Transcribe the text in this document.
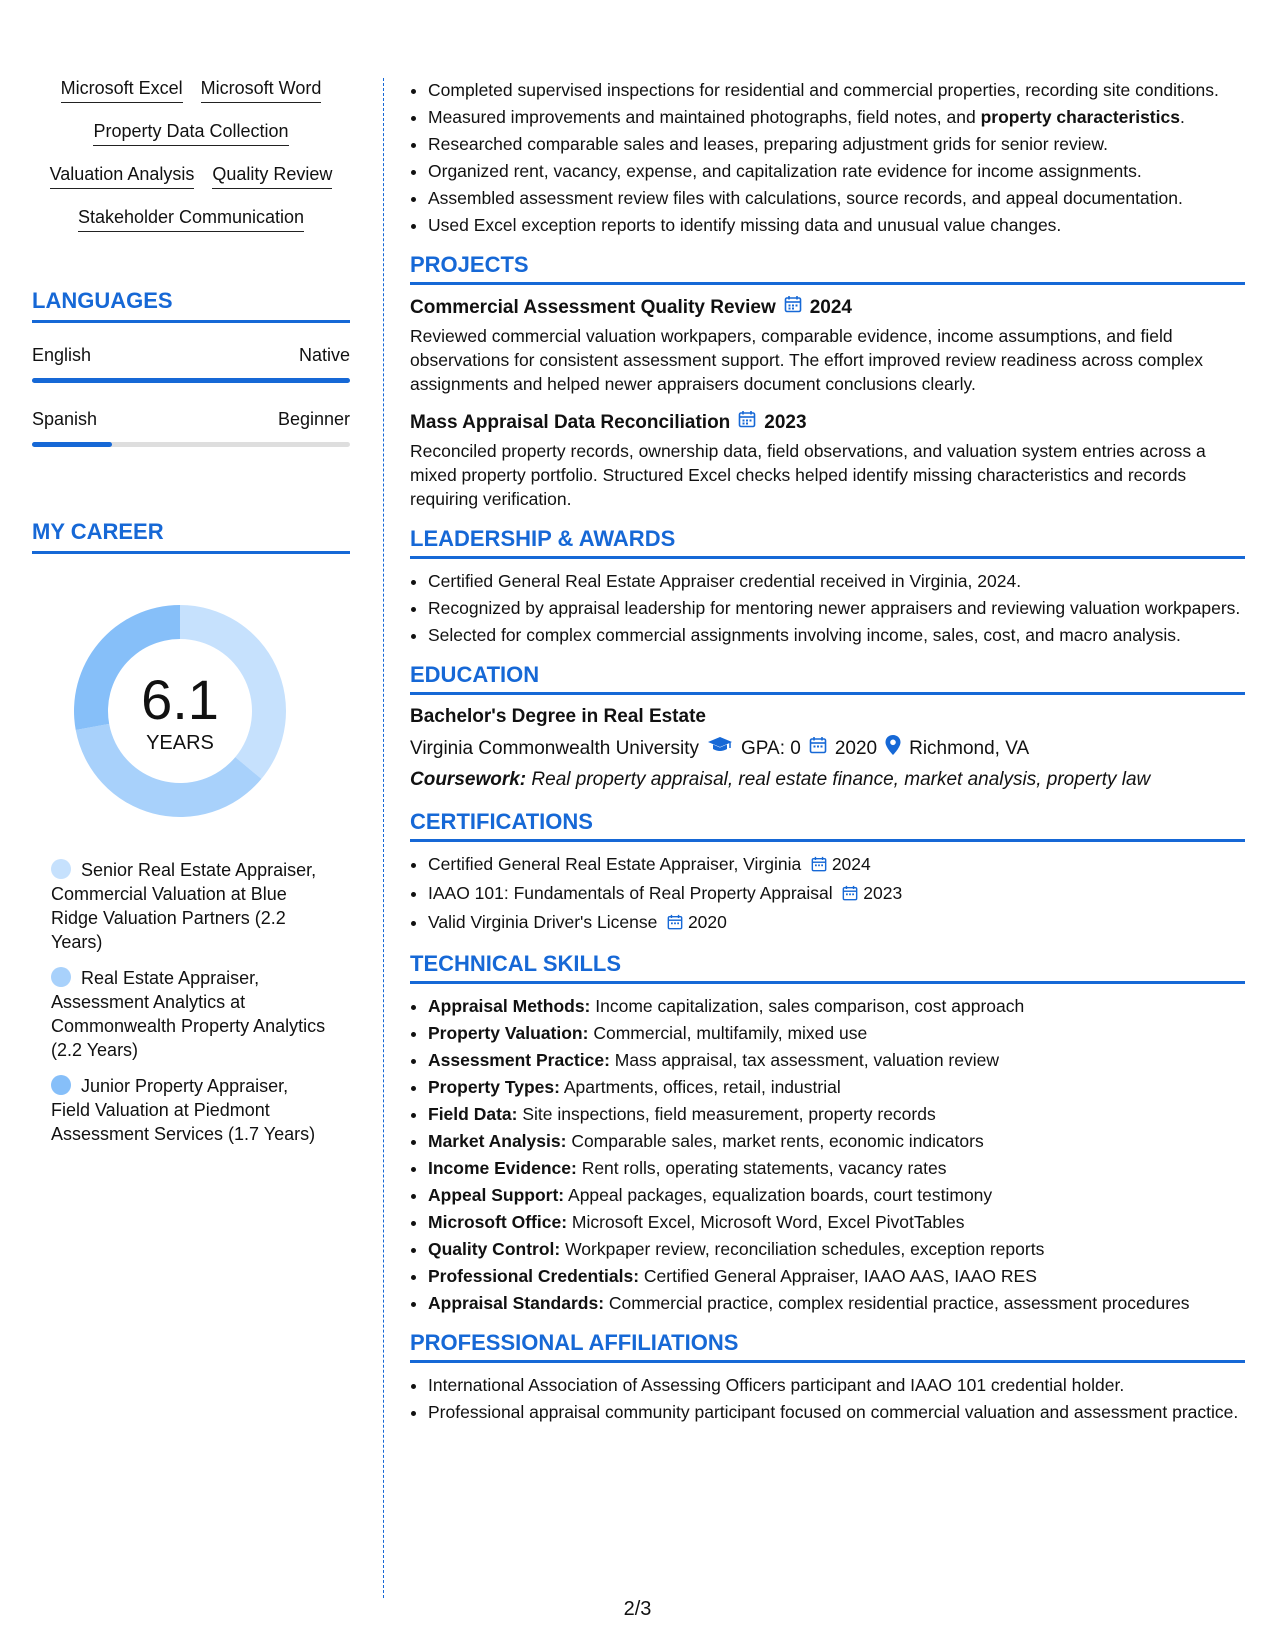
Microsoft Excel Microsoft Word
Property Data Collection
Valuation Analysis Quality Review
Stakeholder Communication
LANGUAGES
English	Native
Spanish	Beginner
MY CAREER
6.1
YEARS
Senior Real Estate Appraiser, Commercial Valuation at Blue Ridge Valuation Partners (2.2 Years)
Real Estate Appraiser, Assessment Analytics at Commonwealth Property Analytics (2.2 Years)
Junior Property Appraiser, Field Valuation at Piedmont Assessment Services (1.7 Years)
• Completed supervised inspections for residential and commercial properties, recording site conditions.
• Measured improvements and maintained photographs, field notes, and property characteristics.
• Researched comparable sales and leases, preparing adjustment grids for senior review.
• Organized rent, vacancy, expense, and capitalization rate evidence for income assignments.
• Assembled assessment review files with calculations, source records, and appeal documentation.
• Used Excel exception reports to identify missing data and unusual value changes.
PROJECTS
Commercial Assessment Quality Review 2024
Reviewed commercial valuation workpapers, comparable evidence, income assumptions, and field observations for consistent assessment support. The effort improved review readiness across complex assignments and helped newer appraisers document conclusions clearly.
Mass Appraisal Data Reconciliation 2023
Reconciled property records, ownership data, field observations, and valuation system entries across a mixed property portfolio. Structured Excel checks helped identify missing characteristics and records requiring verification.
LEADERSHIP & AWARDS
• Certified General Real Estate Appraiser credential received in Virginia, 2024.
• Recognized by appraisal leadership for mentoring newer appraisers and reviewing valuation workpapers.
• Selected for complex commercial assignments involving income, sales, cost, and macro analysis.
EDUCATION
Bachelor's Degree in Real Estate
Virginia Commonwealth University GPA: 0 2020 Richmond, VA
Coursework: Real property appraisal, real estate finance, market analysis, property law
CERTIFICATIONS
• Certified General Real Estate Appraiser, Virginia 2024
• IAAO 101: Fundamentals of Real Property Appraisal 2023
• Valid Virginia Driver's License 2020
TECHNICAL SKILLS
• Appraisal Methods: Income capitalization, sales comparison, cost approach
• Property Valuation: Commercial, multifamily, mixed use
• Assessment Practice: Mass appraisal, tax assessment, valuation review
• Property Types: Apartments, offices, retail, industrial
• Field Data: Site inspections, field measurement, property records
• Market Analysis: Comparable sales, market rents, economic indicators
• Income Evidence: Rent rolls, operating statements, vacancy rates
• Appeal Support: Appeal packages, equalization boards, court testimony
• Microsoft Office: Microsoft Excel, Microsoft Word, Excel PivotTables
• Quality Control: Workpaper review, reconciliation schedules, exception reports
• Professional Credentials: Certified General Appraiser, IAAO AAS, IAAO RES
• Appraisal Standards: Commercial practice, complex residential practice, assessment procedures
PROFESSIONAL AFFILIATIONS
• International Association of Assessing Officers participant and IAAO 101 credential holder.
• Professional appraisal community participant focused on commercial valuation and assessment practice.
2/3
